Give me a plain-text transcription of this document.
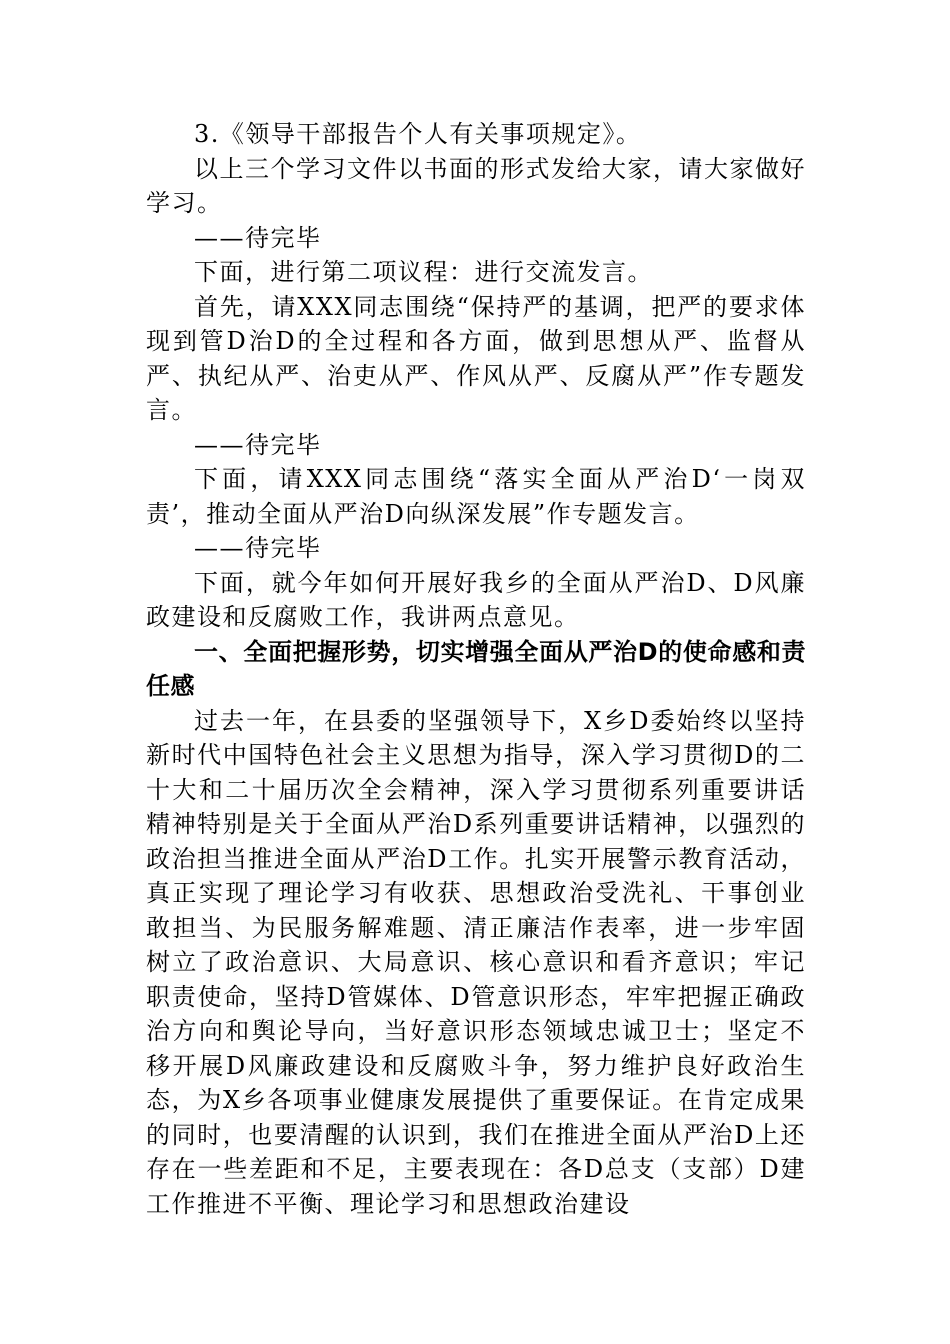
3.《领导干部报告个人有关事项规定》。

以上三个学习文件以书面的形式发给大家，请大家做好学习。

——待完毕

下面，进行第二项议程：进行交流发言。

首先，请XXX同志围绕“保持严的基调，把严的要求体现到管D治D的全过程和各方面，做到思想从严、监督从严、执纪从严、治吏从严、作风从严、反腐从严”作专题发言。

——待完毕

下面，请XXX同志围绕“落实全面从严治D‘一岗双责’，推动全面从严治D向纵深发展”作专题发言。

——待完毕

下面，就今年如何开展好我乡的全面从严治D、D风廉政建设和反腐败工作，我讲两点意见。

一、全面把握形势，切实增强全面从严治D的使命感和责任感

过去一年，在县委的坚强领导下，X乡D委始终以坚持新时代中国特色社会主义思想为指导，深入学习贯彻D的二十大和二十届历次全会精神，深入学习贯彻系列重要讲话精神特别是关于全面从严治D系列重要讲话精神，以强烈的政治担当推进全面从严治D工作。扎实开展警示教育活动，真正实现了理论学习有收获、思想政治受洗礼、干事创业敢担当、为民服务解难题、清正廉洁作表率，进一步牢固树立了政治意识、大局意识、核心意识和看齐意识；牢记职责使命，坚持D管媒体、D管意识形态，牢牢把握正确政治方向和舆论导向，当好意识形态领域忠诚卫士；坚定不移开展D风廉政建设和反腐败斗争，努力维护良好政治生态，为X乡各项事业健康发展提供了重要保证。在肯定成果的同时，也要清醒的认识到，我们在推进全面从严治D上还存在一些差距和不足，主要表现在：各D总支（支部）D建工作推进不平衡、理论学习和思想政治建设
